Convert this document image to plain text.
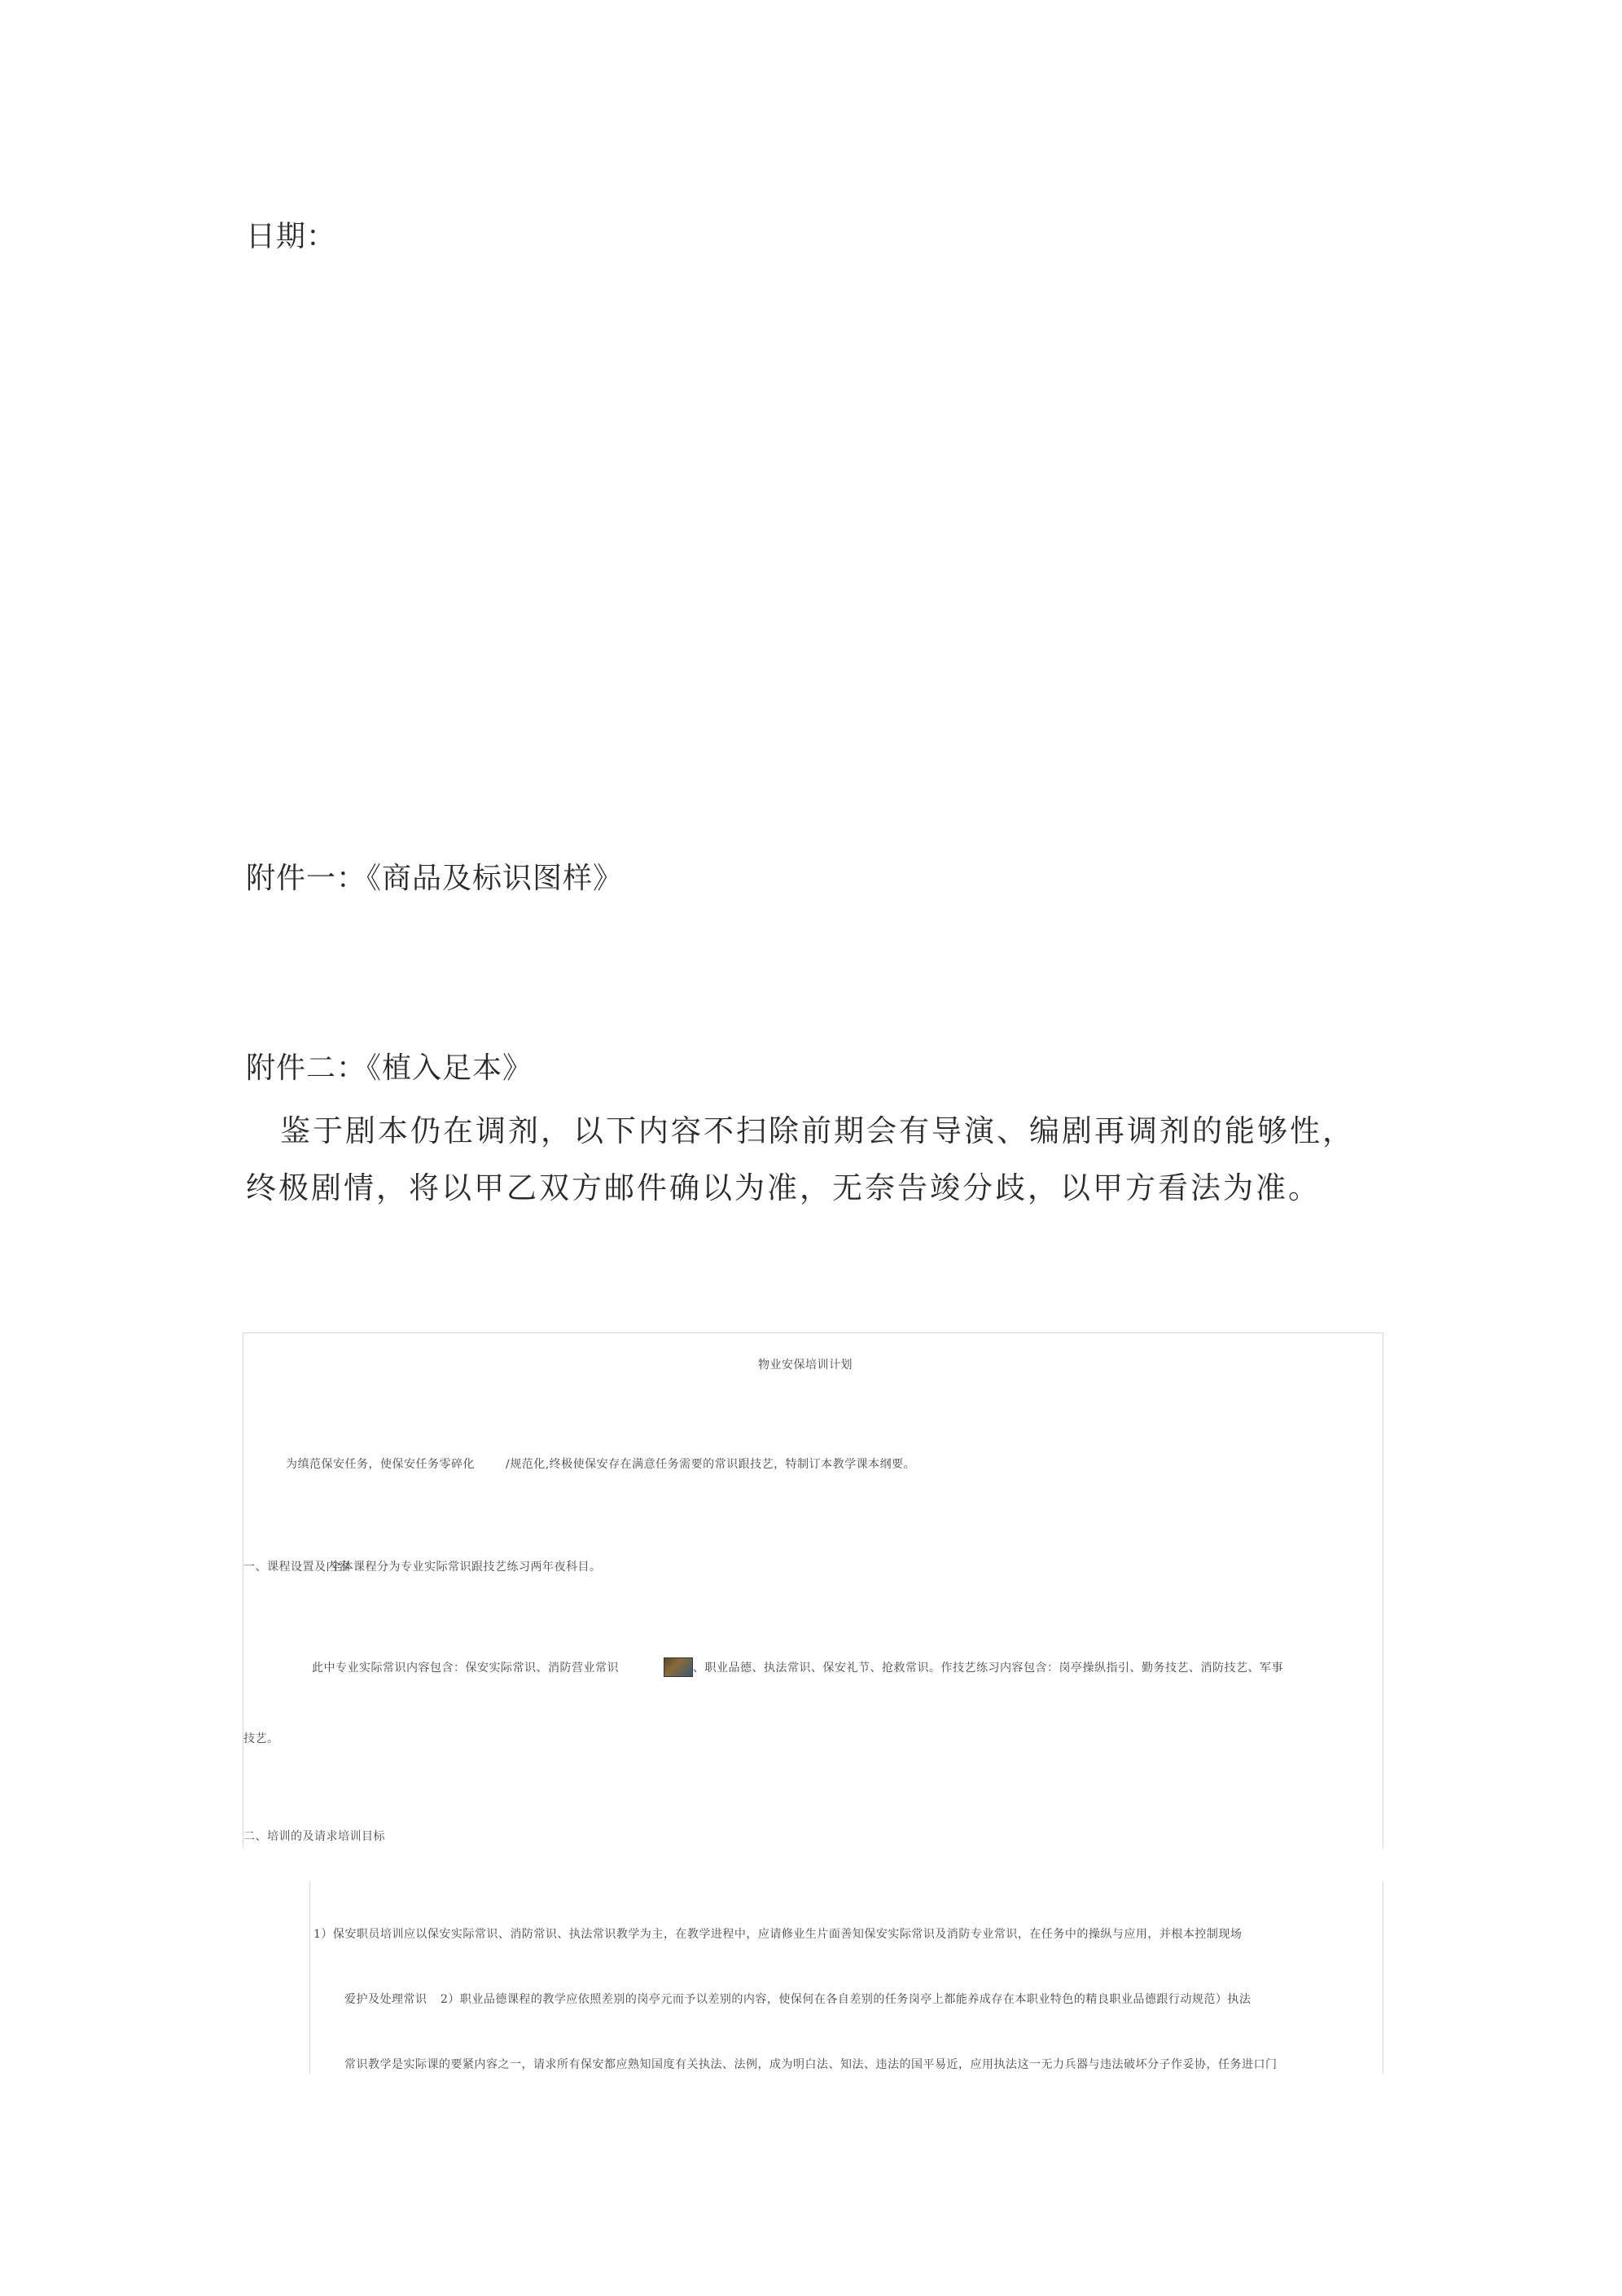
日期：
附件一：《商品及标识图样》
附件二：《植入足本》
鉴于剧本仍在调剂，以下内容不扫除前期会有导演、编剧再调剂的能够性，
终极剧情，将以甲乙双方邮件确以为准，无奈告竣分歧，以甲方看法为准。
物业安保培训计划
为缜范保安任务，使保安任务零碎化	/规范化,终极使保安存在满意任务需要的常识跟技艺，特制订本教学课本纲要。
一、课程设置及内容
全体课程分为专业实际常识跟技艺练习两年夜科目。
此中专业实际常识内容包含：保安实际常识、消防营业常识	、职业品德、执法常识、保安礼节、抢救常识。作技艺练习内容包含：岗亭操纵指引、勤务技艺、消防技艺、军事
技艺。
二、培训的及请求培训目标
1）保安职员培训应以保安实际常识、消防常识、执法常识教学为主，在教学进程中，应请修业生片面善知保安实际常识及消防专业常识，在任务中的操纵与应用，并根本控制现场
爱护及处理常识 2）职业品德课程的教学应依照差别的岗亭元而予以差别的内容，使保何在各自差别的任务岗亭上都能养成存在本职业特色的精良职业品德跟行动规范）执法
常识教学是实际课的要紧内容之一，请求所有保安都应熟知国度有关执法、法例，成为明白法、知法、违法的国平易近，应用执法这一无力兵器与违法破坏分子作妥协，任务进口门
